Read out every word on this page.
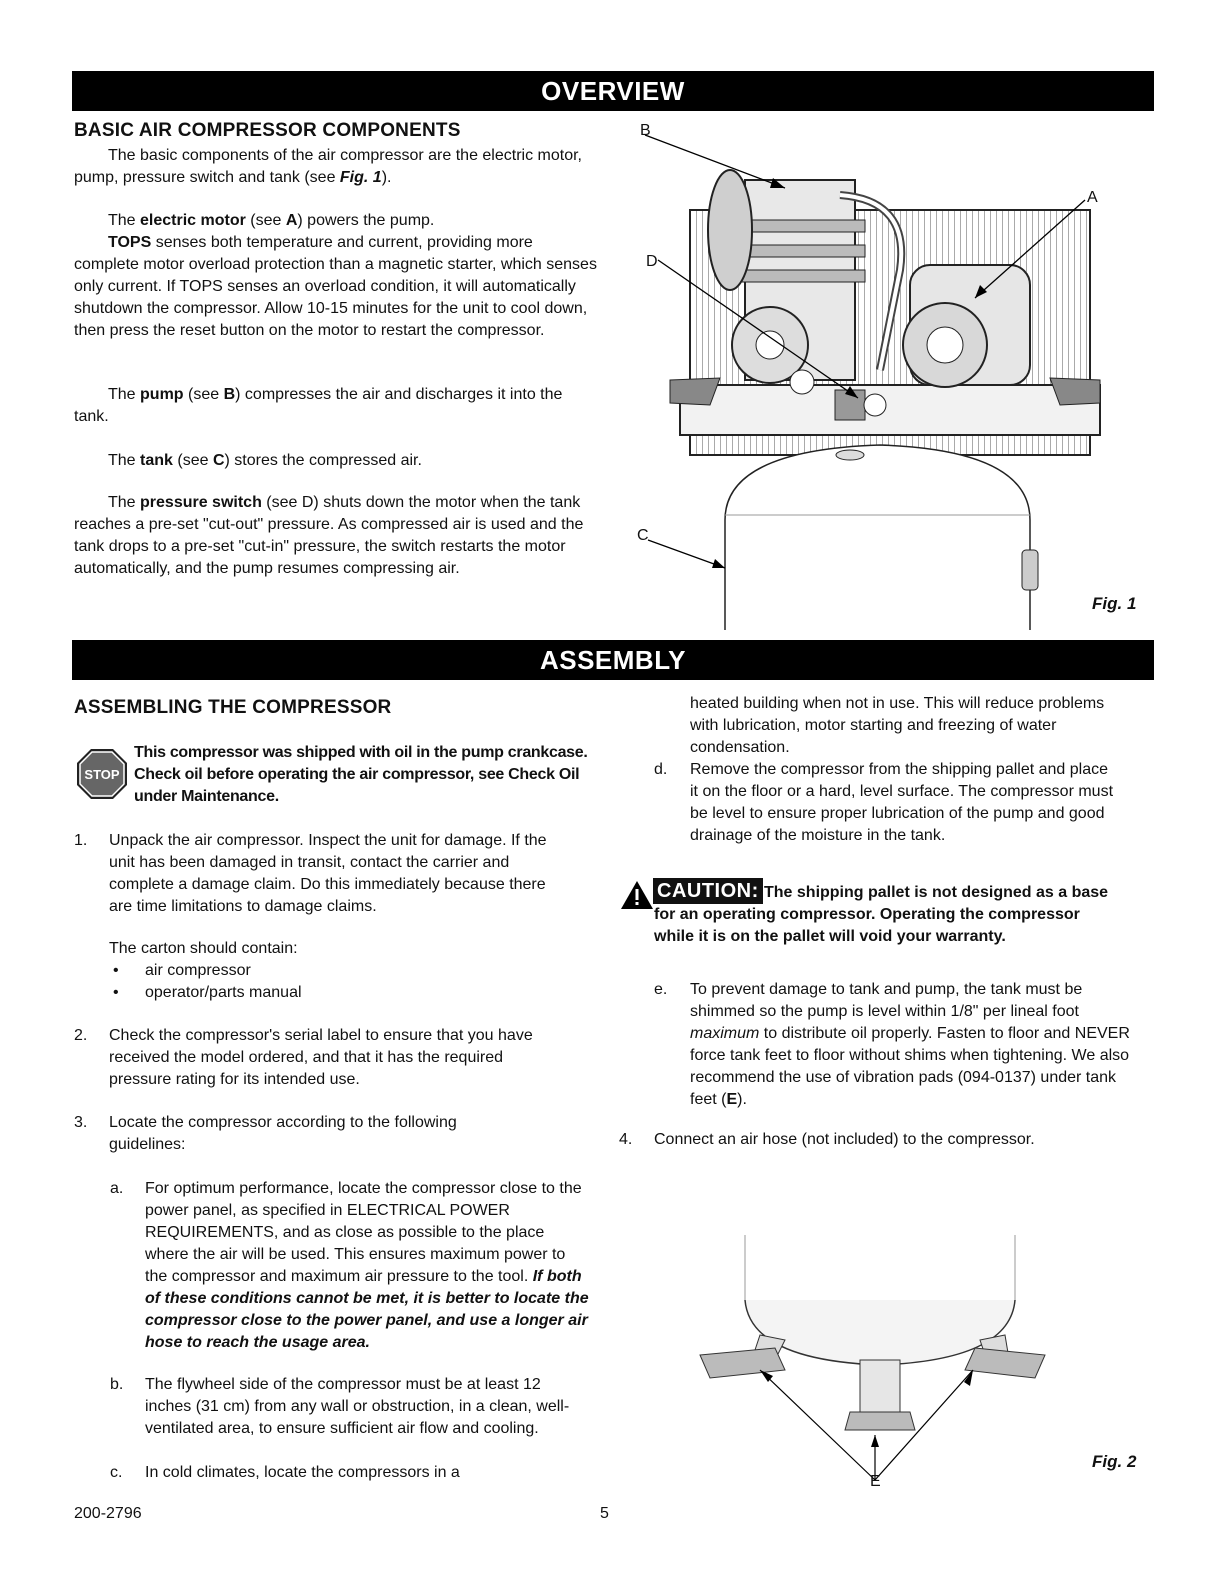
OVERVIEW
BASIC AIR COMPRESSOR COMPONENTS

The basic components of the air compressor are the electric motor, pump, pressure switch and tank (see Fig. 1).

The electric motor (see A) powers the pump.

TOPS senses both temperature and current, providing more complete motor overload protection than a magnetic starter, which senses only current. If TOPS senses an overload condition, it will automatically shutdown the compressor. Allow 10-15 minutes for the unit to cool down, then press the reset button on the motor to restart the compressor.

The pump (see B) compresses the air and discharges it into the tank.

The tank (see C) stores the compressed air.

The pressure switch (see D) shuts down the motor when the tank reaches a pre-set "cut-out" pressure. As compressed air is used and the tank drops to a pre-set "cut-in" pressure, the switch restarts the motor automatically, and the pump resumes compressing air.

B
A
D
C
Fig. 1
ASSEMBLY
ASSEMBLING THE COMPRESSOR
STOP

This compressor was shipped with oil in the pump crankcase. Check oil before operating the air compressor, see Check Oil under Maintenance.

1. Unpack the air compressor. Inspect the unit for damage. If the unit has been damaged in transit, contact the carrier and complete a damage claim. Do this immediately because there are time limitations to damage claims.

The carton should contain:

• air compressor

• operator/parts manual

2. Check the compressor's serial label to ensure that you have received the model ordered, and that it has the required pressure rating for its intended use.

3. Locate the compressor according to the following guidelines:

a. For optimum performance, locate the compressor close to the power panel, as specified in ELECTRICAL POWER REQUIREMENTS, and as close as possible to the place where the air will be used. This ensures maximum power to the compressor and maximum air pressure to the tool. If both of these conditions cannot be met, it is better to locate the compressor close to the power panel, and use a longer air hose to reach the usage area.

b. The flywheel side of the compressor must be at least 12 inches (31 cm) from any wall or obstruction, in a clean, well-ventilated area, to ensure sufficient air flow and cooling.

c. In cold climates, locate the compressors in a

heated building when not in use. This will reduce problems with lubrication, motor starting and freezing of water condensation.

d. Remove the compressor from the shipping pallet and place it on the floor or a hard, level surface. The compressor must be level to ensure proper lubrication of the pump and good drainage of the moisture in the tank.

CAUTION: The shipping pallet is not designed as a base for an operating compressor. Operating the compressor while it is on the pallet will void your warranty.

e. To prevent damage to tank and pump, the tank must be shimmed so the pump is level within 1/8" per lineal foot maximum to distribute oil properly. Fasten to floor and NEVER force tank feet to floor without shims when tightening. We also recommend the use of vibration pads (094-0137) under tank feet (E).

4. Connect an air hose (not included) to the compressor.

E
Fig. 2
200-2796	5
